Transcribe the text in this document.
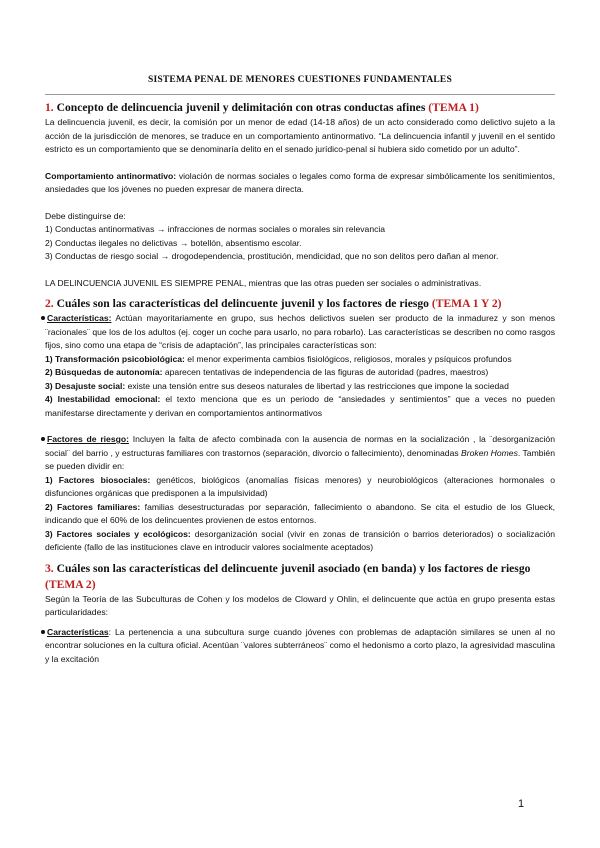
SISTEMA PENAL DE MENORES CUESTIONES FUNDAMENTALES
1. Concepto de delincuencia juvenil y delimitación con otras conductas afines (TEMA 1)

La delincuencia juvenil, es decir, la comisión por un menor de edad (14-18 años) de un acto considerado como delictivo sujeto a la acción de la jurisdicción de menores, se traduce en un comportamiento antinormativo. “La delincuencia infantil y juvenil en el sentido estricto es un comportamiento que se denominaría delito en el senado jurídico-penal si hubiera sido cometido por un adulto”.

Comportamiento antinormativo: violación de normas sociales o legales como forma de expresar simbólicamente los senitimientos, ansiedades que los jóvenes no pueden expresar de manera directa.

Debe distinguirse de:

1) Conductas antinormativas → infracciones de normas sociales o morales sin relevancia

2) Conductas ilegales no delictivas → botellón, absentismo escolar.

3) Conductas de riesgo social → drogodependencia, prostitución, mendicidad, que no son delitos pero dañan al menor.

LA DELINCUENCIA JUVENIL ES SIEMPRE PENAL, mientras que las otras pueden ser sociales o administrativas.

2. Cuáles son las características del delincuente juvenil y los factores de riesgo (TEMA 1 Y 2)

Características: Actúan mayoritariamente en grupo, sus hechos delictivos suelen ser producto de la inmadurez y son menos ¨racionales¨ que los de los adultos (ej. coger un coche para usarlo, no para robarlo). Las características se describen no como rasgos fijos, sino como una etapa de “crisis de adaptación”, las principales características son:

1) Transformación psicobiológica: el menor experimenta cambios fisiológicos, religiosos, morales y psíquicos profundos

2) Búsquedas de autonomía: aparecen tentativas de independencia de las figuras de autoridad (padres, maestros)

3) Desajuste social: existe una tensión entre sus deseos naturales de libertad y las restricciones que impone la sociedad

4) Inestabilidad emocional: el texto menciona que es un periodo de “ansiedades y sentimientos” que a veces no pueden manifestarse directamente y derivan en comportamientos antinormativos

Factores de riesgo: Incluyen la falta de afecto combinada con la ausencia de normas en la socialización , la ¨desorganización social¨ del barrio , y estructuras familiares con trastornos (separación, divorcio o fallecimiento), denominadas Broken Homes. También se pueden dividir en:

1) Factores biosociales: genéticos, biológicos (anomalías físicas menores) y neurobiológicos (alteraciones hormonales o disfunciones orgánicas que predisponen a la impulsividad)

2) Factores familiares: familias desestructuradas por separación, fallecimiento o abandono. Se cita el estudio de los Glueck, indicando que el 60% de los delincuentes provienen de estos entornos.

3) Factores sociales y ecológicos: desorganización social (vivir en zonas de transición o barrios deteriorados) o socialización deficiente (fallo de las instituciones clave en introducir valores socialmente aceptados)

3. Cuáles son las características del delincuente juvenil asociado (en banda) y los factores de riesgo (TEMA 2)

Según la Teoría de las Subculturas de Cohen y los modelos de Cloward y Ohlin, el delincuente que actúa en grupo presenta estas particularidades:

Características: La pertenencia a una subcultura surge cuando jóvenes con problemas de adaptación similares se unen al no encontrar soluciones en la cultura oficial. Acentúan ¨valores subterráneos¨ como el hedonismo a corto plazo, la agresividad masculina y la excitación

1
